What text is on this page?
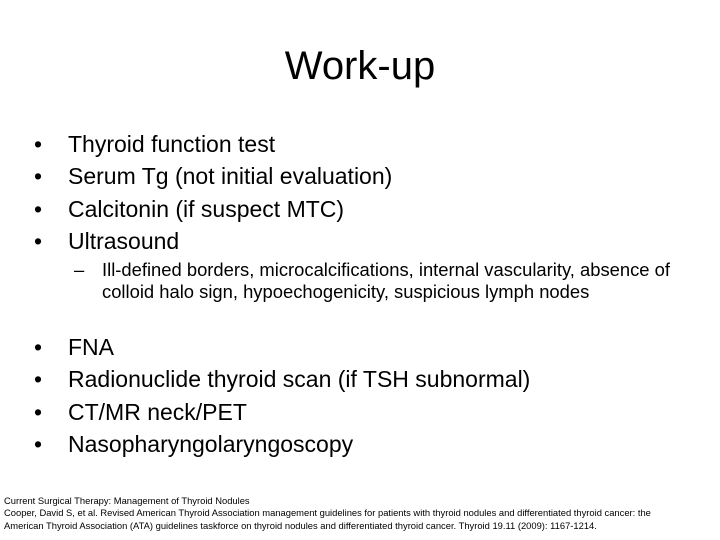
Work-up
• Thyroid function test
• Serum Tg (not initial evaluation)
• Calcitonin (if suspect MTC)
• Ultrasound
– Ill-defined borders, microcalcifications, internal vascularity, absence of colloid halo sign, hypoechogenicity, suspicious lymph nodes
• FNA
• Radionuclide thyroid scan (if TSH subnormal)
• CT/MR neck/PET
• Nasopharyngolaryngoscopy
Current Surgical Therapy: Management of Thyroid Nodules
Cooper, David S, et al. Revised American Thyroid Association management guidelines for patients with thyroid nodules and differentiated thyroid cancer: the
American Thyroid Association (ATA) guidelines taskforce on thyroid nodules and differentiated thyroid cancer. Thyroid 19.11 (2009): 1167-1214.
